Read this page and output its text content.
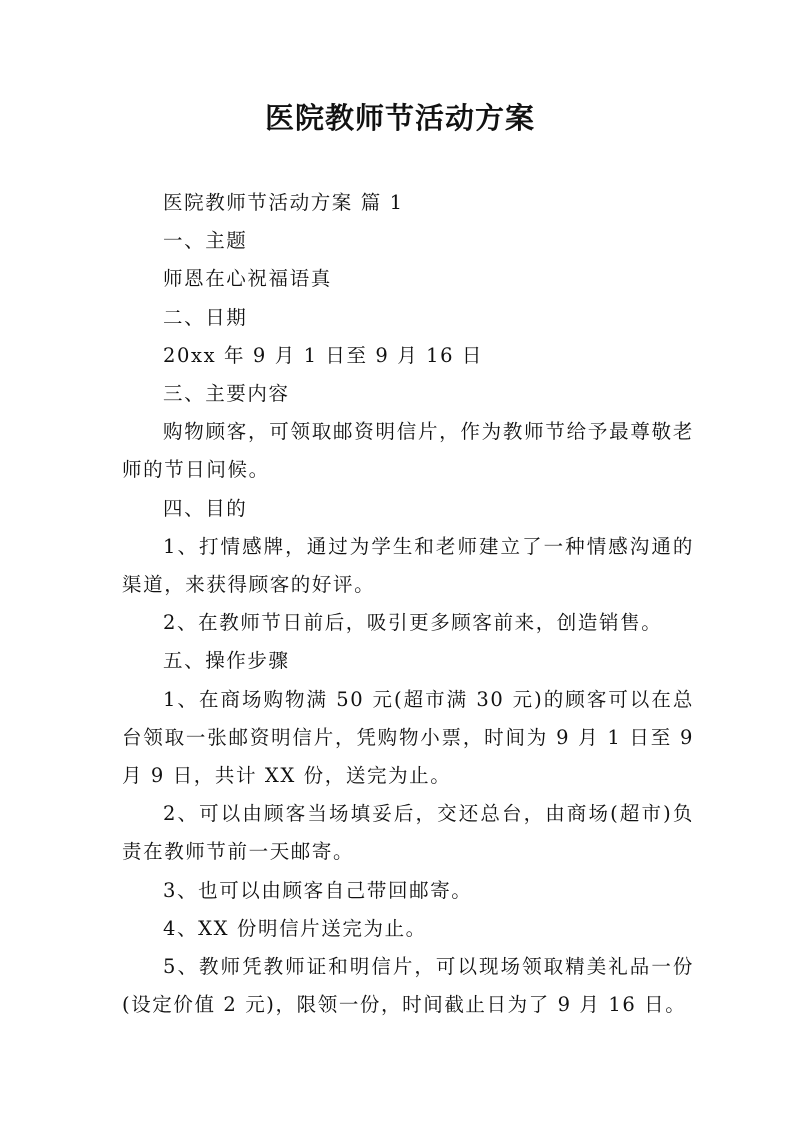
医院教师节活动方案

医院教师节活动方案 篇 1

一、主题

师恩在心祝福语真

二、日期

20xx 年 9 月 1 日至 9 月 16 日

三、主要内容

购物顾客，可领取邮资明信片，作为教师节给予最尊敬老师的节日问候。

四、目的

1、打情感牌，通过为学生和老师建立了一种情感沟通的渠道，来获得顾客的好评。

2、在教师节日前后，吸引更多顾客前来，创造销售。

五、操作步骤

1、在商场购物满 50 元(超市满 30 元)的顾客可以在总台领取一张邮资明信片，凭购物小票，时间为 9 月 1 日至 9 月 9 日，共计 XX 份，送完为止。

2、可以由顾客当场填妥后，交还总台，由商场(超市)负责在教师节前一天邮寄。

3、也可以由顾客自己带回邮寄。

4、XX 份明信片送完为止。

5、教师凭教师证和明信片，可以现场领取精美礼品一份(设定价值 2 元)，限领一份，时间截止日为了 9 月 16 日。
